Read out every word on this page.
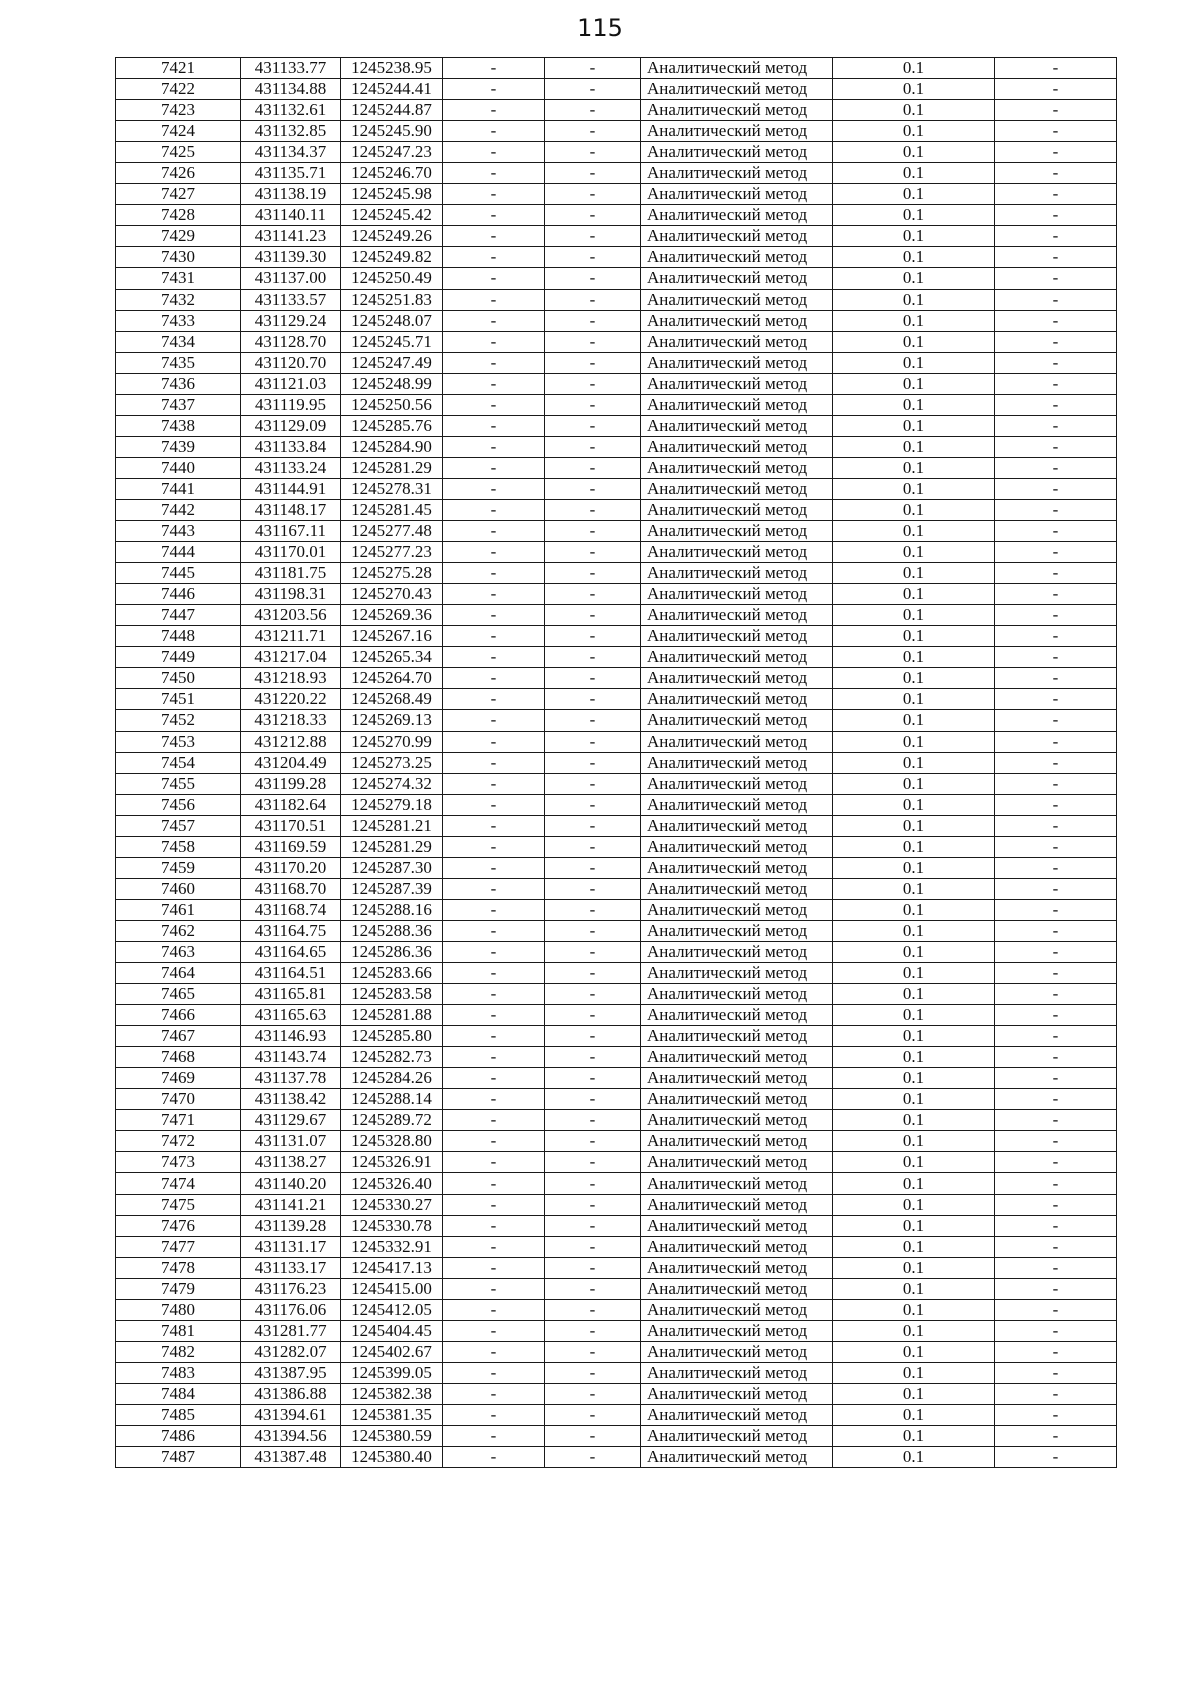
115
7421	431133.77	1245238.95	-	-	Аналитический метод	0.1	-
7422	431134.88	1245244.41	-	-	Аналитический метод	0.1	-
7423	431132.61	1245244.87	-	-	Аналитический метод	0.1	-
7424	431132.85	1245245.90	-	-	Аналитический метод	0.1	-
7425	431134.37	1245247.23	-	-	Аналитический метод	0.1	-
7426	431135.71	1245246.70	-	-	Аналитический метод	0.1	-
7427	431138.19	1245245.98	-	-	Аналитический метод	0.1	-
7428	431140.11	1245245.42	-	-	Аналитический метод	0.1	-
7429	431141.23	1245249.26	-	-	Аналитический метод	0.1	-
7430	431139.30	1245249.82	-	-	Аналитический метод	0.1	-
7431	431137.00	1245250.49	-	-	Аналитический метод	0.1	-
7432	431133.57	1245251.83	-	-	Аналитический метод	0.1	-
7433	431129.24	1245248.07	-	-	Аналитический метод	0.1	-
7434	431128.70	1245245.71	-	-	Аналитический метод	0.1	-
7435	431120.70	1245247.49	-	-	Аналитический метод	0.1	-
7436	431121.03	1245248.99	-	-	Аналитический метод	0.1	-
7437	431119.95	1245250.56	-	-	Аналитический метод	0.1	-
7438	431129.09	1245285.76	-	-	Аналитический метод	0.1	-
7439	431133.84	1245284.90	-	-	Аналитический метод	0.1	-
7440	431133.24	1245281.29	-	-	Аналитический метод	0.1	-
7441	431144.91	1245278.31	-	-	Аналитический метод	0.1	-
7442	431148.17	1245281.45	-	-	Аналитический метод	0.1	-
7443	431167.11	1245277.48	-	-	Аналитический метод	0.1	-
7444	431170.01	1245277.23	-	-	Аналитический метод	0.1	-
7445	431181.75	1245275.28	-	-	Аналитический метод	0.1	-
7446	431198.31	1245270.43	-	-	Аналитический метод	0.1	-
7447	431203.56	1245269.36	-	-	Аналитический метод	0.1	-
7448	431211.71	1245267.16	-	-	Аналитический метод	0.1	-
7449	431217.04	1245265.34	-	-	Аналитический метод	0.1	-
7450	431218.93	1245264.70	-	-	Аналитический метод	0.1	-
7451	431220.22	1245268.49	-	-	Аналитический метод	0.1	-
7452	431218.33	1245269.13	-	-	Аналитический метод	0.1	-
7453	431212.88	1245270.99	-	-	Аналитический метод	0.1	-
7454	431204.49	1245273.25	-	-	Аналитический метод	0.1	-
7455	431199.28	1245274.32	-	-	Аналитический метод	0.1	-
7456	431182.64	1245279.18	-	-	Аналитический метод	0.1	-
7457	431170.51	1245281.21	-	-	Аналитический метод	0.1	-
7458	431169.59	1245281.29	-	-	Аналитический метод	0.1	-
7459	431170.20	1245287.30	-	-	Аналитический метод	0.1	-
7460	431168.70	1245287.39	-	-	Аналитический метод	0.1	-
7461	431168.74	1245288.16	-	-	Аналитический метод	0.1	-
7462	431164.75	1245288.36	-	-	Аналитический метод	0.1	-
7463	431164.65	1245286.36	-	-	Аналитический метод	0.1	-
7464	431164.51	1245283.66	-	-	Аналитический метод	0.1	-
7465	431165.81	1245283.58	-	-	Аналитический метод	0.1	-
7466	431165.63	1245281.88	-	-	Аналитический метод	0.1	-
7467	431146.93	1245285.80	-	-	Аналитический метод	0.1	-
7468	431143.74	1245282.73	-	-	Аналитический метод	0.1	-
7469	431137.78	1245284.26	-	-	Аналитический метод	0.1	-
7470	431138.42	1245288.14	-	-	Аналитический метод	0.1	-
7471	431129.67	1245289.72	-	-	Аналитический метод	0.1	-
7472	431131.07	1245328.80	-	-	Аналитический метод	0.1	-
7473	431138.27	1245326.91	-	-	Аналитический метод	0.1	-
7474	431140.20	1245326.40	-	-	Аналитический метод	0.1	-
7475	431141.21	1245330.27	-	-	Аналитический метод	0.1	-
7476	431139.28	1245330.78	-	-	Аналитический метод	0.1	-
7477	431131.17	1245332.91	-	-	Аналитический метод	0.1	-
7478	431133.17	1245417.13	-	-	Аналитический метод	0.1	-
7479	431176.23	1245415.00	-	-	Аналитический метод	0.1	-
7480	431176.06	1245412.05	-	-	Аналитический метод	0.1	-
7481	431281.77	1245404.45	-	-	Аналитический метод	0.1	-
7482	431282.07	1245402.67	-	-	Аналитический метод	0.1	-
7483	431387.95	1245399.05	-	-	Аналитический метод	0.1	-
7484	431386.88	1245382.38	-	-	Аналитический метод	0.1	-
7485	431394.61	1245381.35	-	-	Аналитический метод	0.1	-
7486	431394.56	1245380.59	-	-	Аналитический метод	0.1	-
7487	431387.48	1245380.40	-	-	Аналитический метод	0.1	-
